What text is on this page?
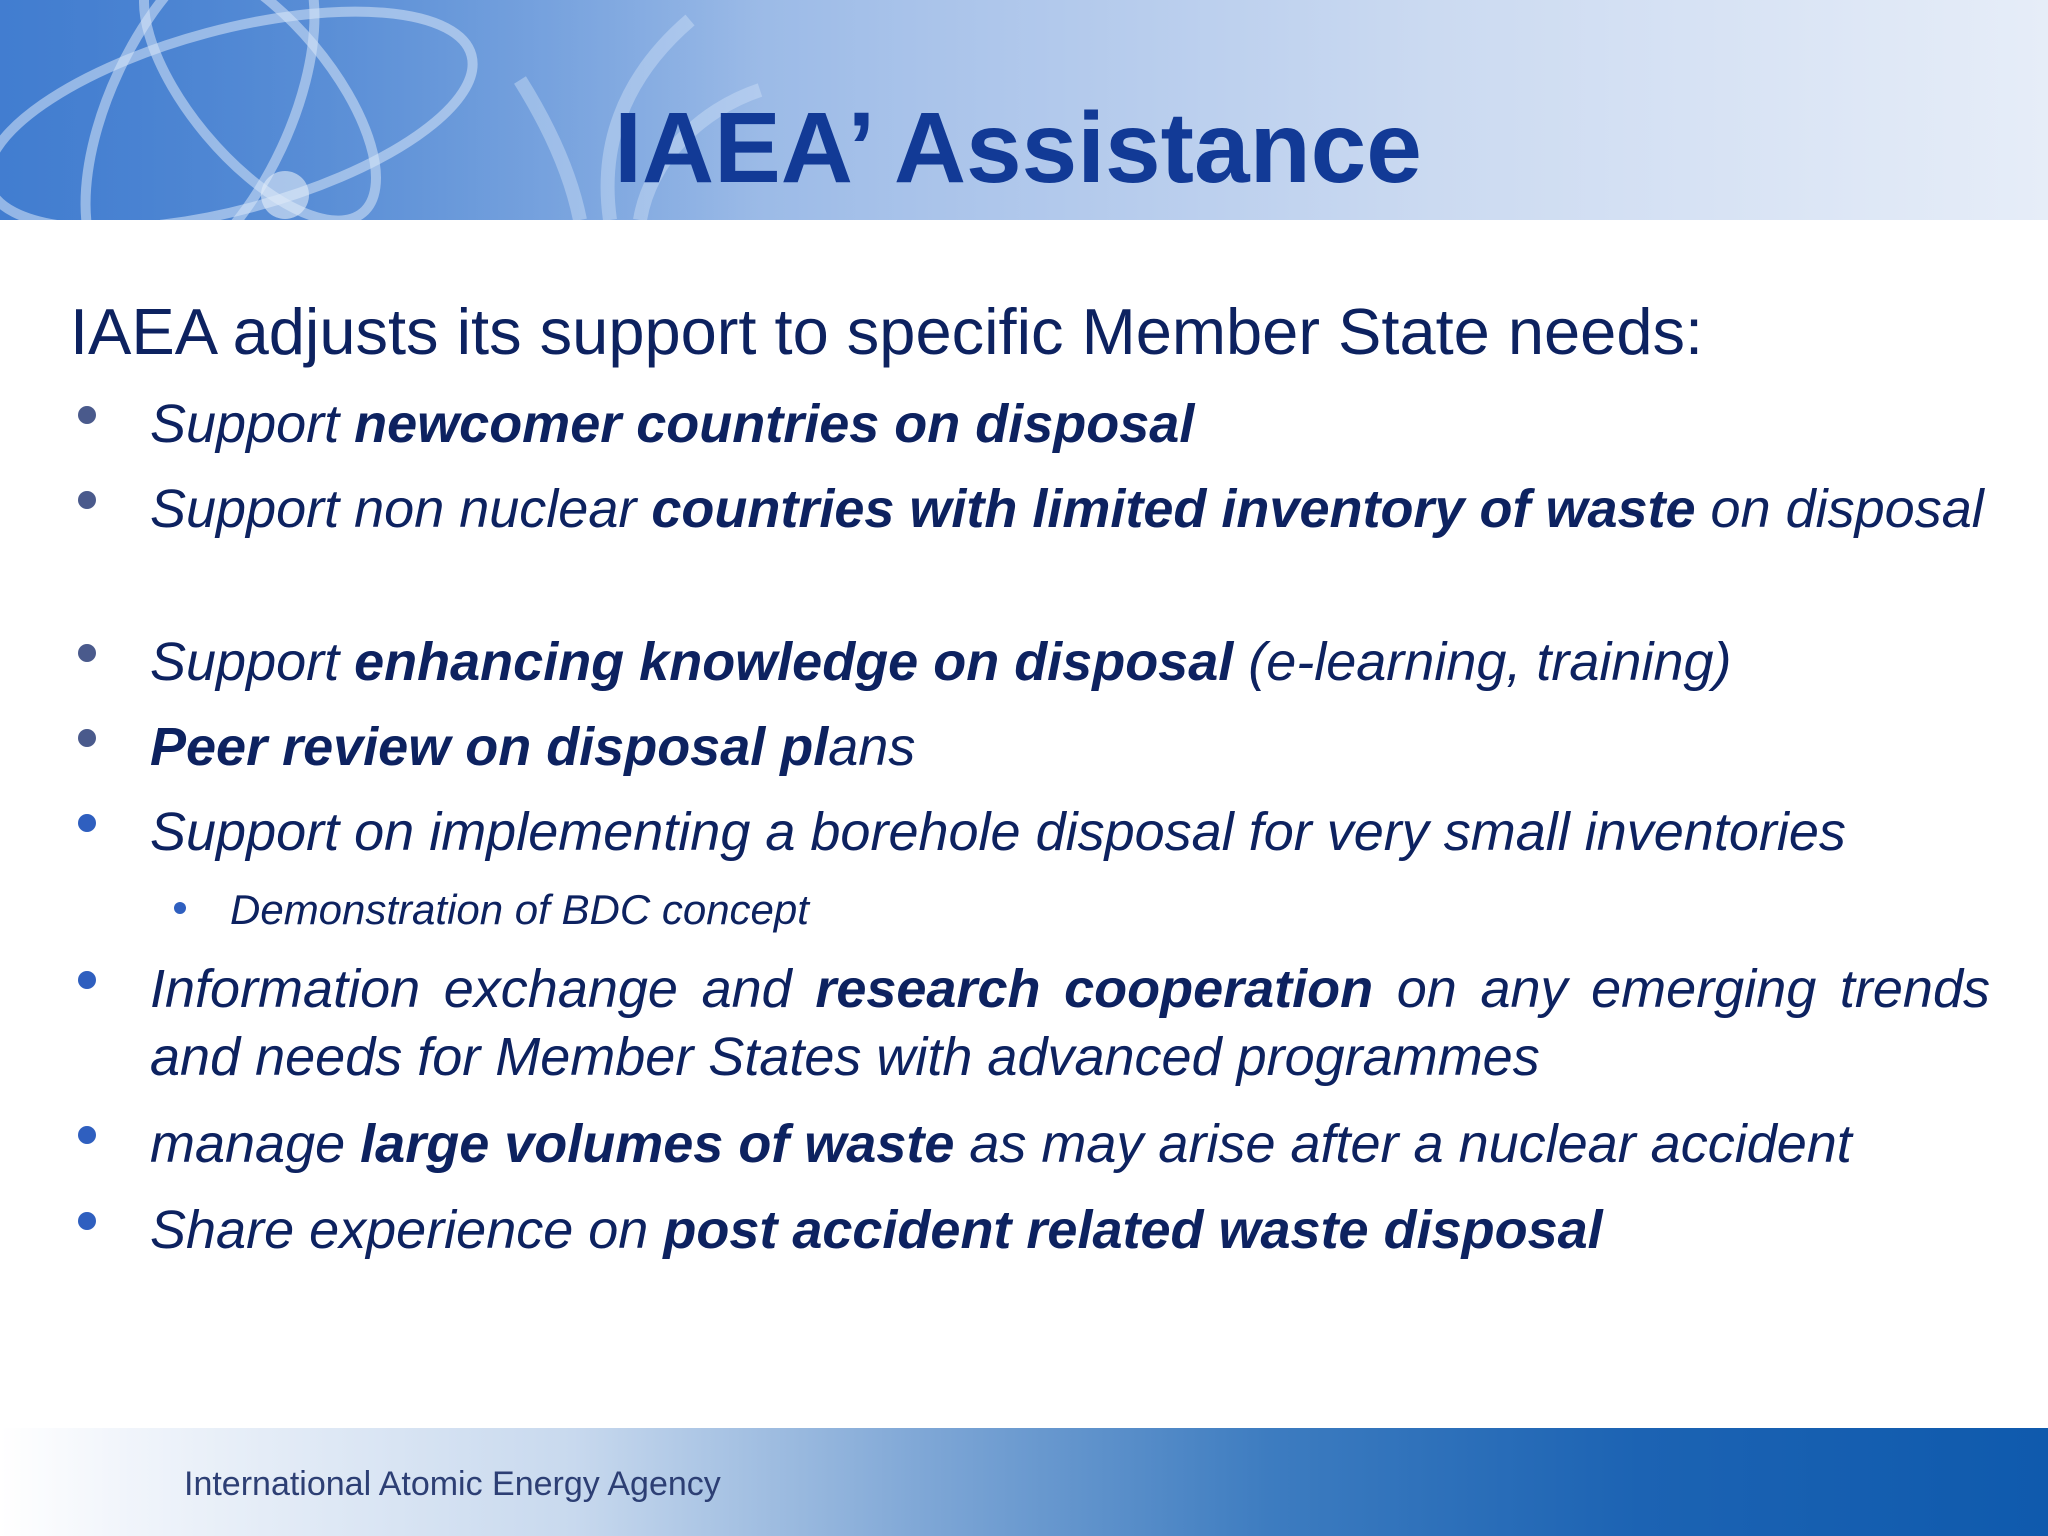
IAEA’ Assistance

IAEA adjusts its support to specific Member State needs:

Support newcomer countries on disposal
Support non nuclear countries with limited inventory of waste on disposal
Support enhancing knowledge on disposal (e-learning, training)
Peer review on disposal plans
Support on implementing a borehole disposal for very small inventories
Information exchange and research cooperation on any emerging trends and needs for Member States with advanced programmes
manage large volumes of waste as may arise after a nuclear accident
Share experience on post accident related waste disposal
Demonstration of BDC concept
International Atomic Energy Agency
